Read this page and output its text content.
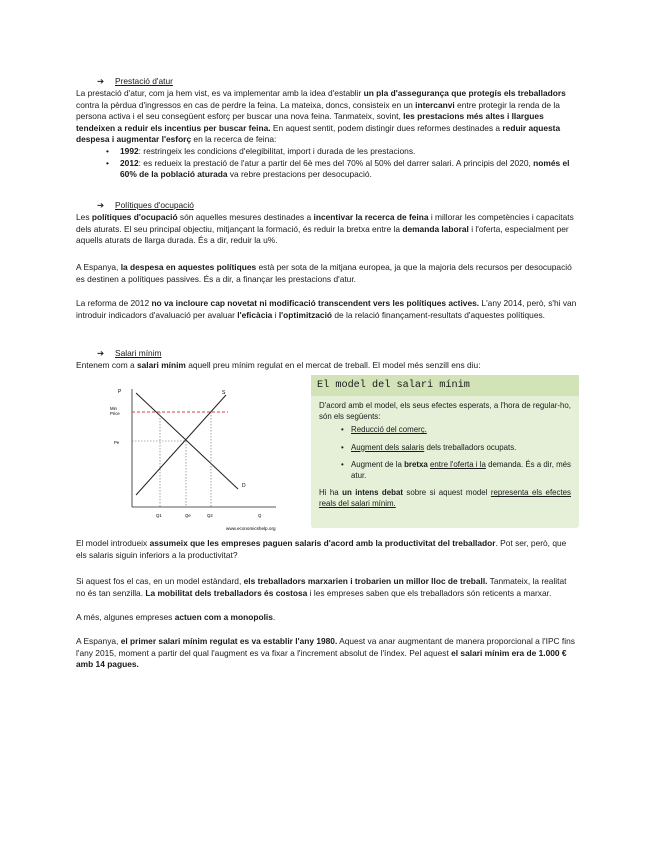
➔ Prestació d'atur

La prestació d'atur, com ja hem vist, es va implementar amb la idea d'establir un pla d'assegurança que protegís els treballadors contra la pèrdua d'ingressos en cas de perdre la feina. La mateixa, doncs, consisteix en un intercanvi entre protegir la renda de la persona activa i el seu consegüent esforç per buscar una nova feina. Tanmateix, sovint, les prestacions més altes i llargues tendeixen a reduir els incentius per buscar feina. En aquest sentit, podem distingir dues reformes destinades a reduir aquesta despesa i augmentar l'esforç en la recerca de feina:

• 1992: restringeix les condicions d'elegibilitat, import i durada de les prestacions.
• 2012: es redueix la prestació de l'atur a partir del 6è mes del 70% al 50% del darrer salari. A principis del 2020, només el 60% de la població aturada va rebre prestacions per desocupació.
➔ Polítiques d'ocupació
Les polítiques d'ocupació són aquelles mesures destinades a incentivar la recerca de feina i millorar les competències i capacitats dels aturats. El seu principal objectiu, mitjançant la formació, és reduir la bretxa entre la demanda laboral i l'oferta, especialment per aquells aturats de llarga durada. És a dir, reduir la u%.
A Espanya, la despesa en aquestes polítiques està per sota de la mitjana europea, ja que la majoria dels recursos per desocupació es destinen a polítiques passives. És a dir, a finançar les prestacions d'atur.
La reforma de 2012 no va incloure cap novetat ni modificació transcendent vers les polítiques actives. L'any 2014, però, s'hi van introduir indicadors d'avaluació per avaluar l'eficàcia i l'optimització de la relació finançament-resultats d'aquestes polítiques.
➔ Salari mínim
Entenem com a salari mínim aquell preu mínim regulat en el mercat de treball. El model més senzill ens diu:
P	S
D
Min
Price
Pe
Q1	Qe	Q2	Q
www.economicshelp.org
El model del salari mínim

D'acord amb el model, els seus efectes esperats, a l'hora de regular-ho, són els següents:

• Reducció del comerç.
• Augment dels salaris dels treballadors ocupats.
• Augment de la bretxa entre l'oferta i la demanda. És a dir, més atur.

Hi ha un intens debat sobre si aquest model representa els efectes reals del salari mínim.

El model introdueix assumeix que les empreses paguen salaris d'acord amb la productivitat del treballador. Pot ser, però, que els salaris siguin inferiors a la productivitat?
Si aquest fos el cas, en un model estàndard, els treballadors marxarien i trobarien un millor lloc de treball. Tanmateix, la realitat no és tan senzilla. La mobilitat dels treballadors és costosa i les empreses saben que els treballadors són reticents a marxar.
A més, algunes empreses actuen com a monopolis.
A Espanya, el primer salari mínim regulat es va establir l'any 1980. Aquest va anar augmentant de manera proporcional a l'IPC fins l'any 2015, moment a partir del qual l'augment es va fixar a l'increment absolut de l'índex. Pel aquest el salari mínim era de 1.000 € amb 14 pagues.
